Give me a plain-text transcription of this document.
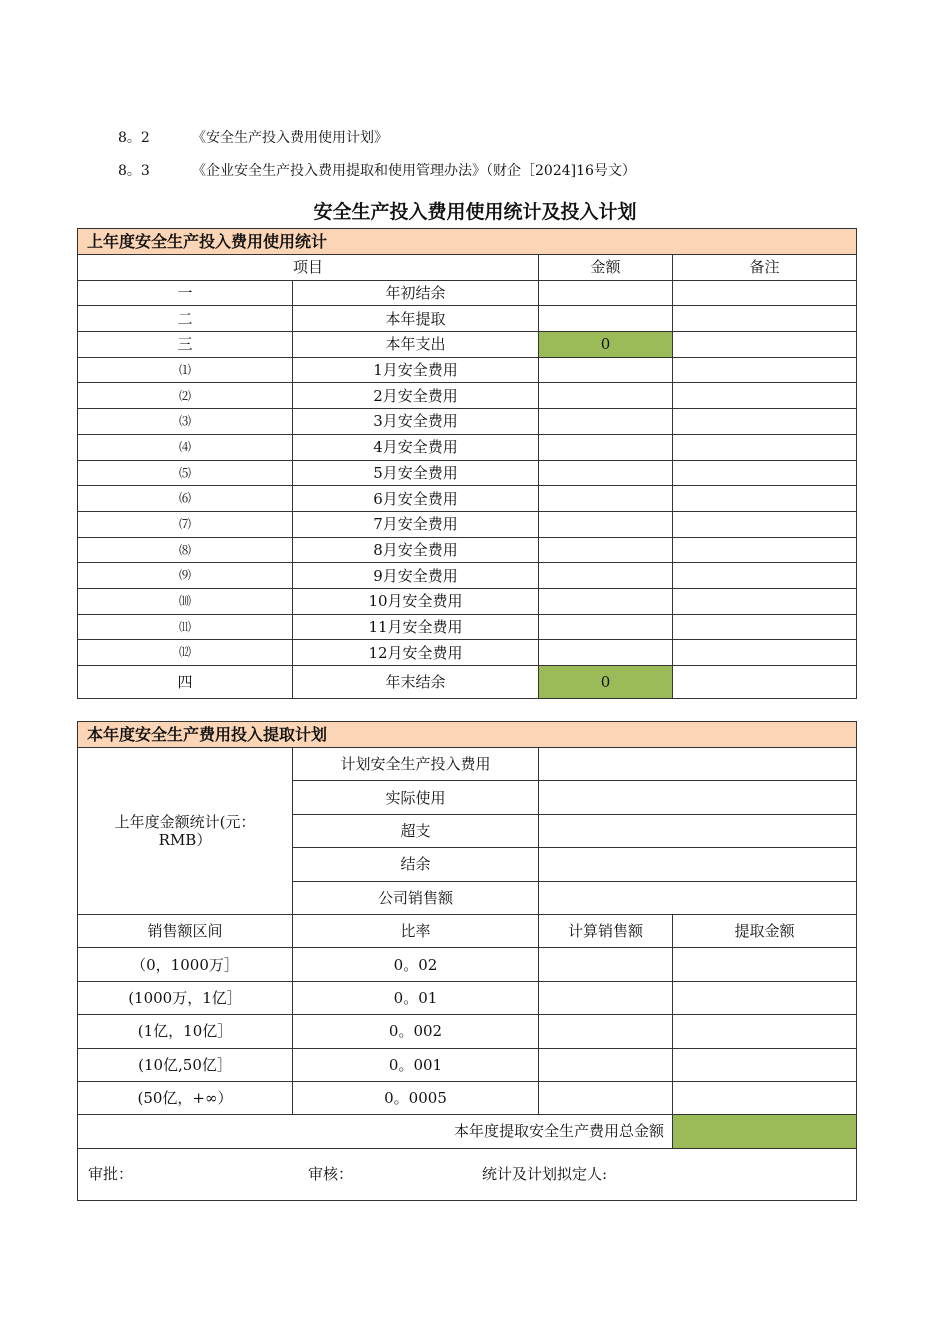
8。2	《安全生产投入费用使用计划》
8。3	《企业安全生产投入费用提取和使用管理办法》（财企［2024]16号文）
安全生产投入费用使用统计及投入计划
上年度安全生产投入费用使用统计			
项目		金额	备注
一	年初结余		
二	本年提取		
三	本年支出	0	
⑴	1月安全费用		
⑵	2月安全费用		
⑶	3月安全费用		
⑷	4月安全费用		
⑸	5月安全费用		
⑹	6月安全费用		
⑺	7月安全费用		
⑻	8月安全费用		
⑼	9月安全费用		
⑽	10月安全费用		
⑾	11月安全费用		
⑿	12月安全费用		
四	年末结余	0	
本年度安全生产费用投入提取计划			
上年度金额统计(元：RMB）	计划安全生产投入费用		
	实际使用		
	超支		
	结余		
	公司销售额		
销售额区间	比率	计算销售额	提取金额
（0，1000万］	0。02		
(1000万，1亿］	0。01		
(1亿，10亿］	0。002		
(10亿,50亿］	0。001		
(50亿，+∞）	0。0005		
本年度提取安全生产费用总金额			
审批： 审核： 统计及计划拟定人:			
